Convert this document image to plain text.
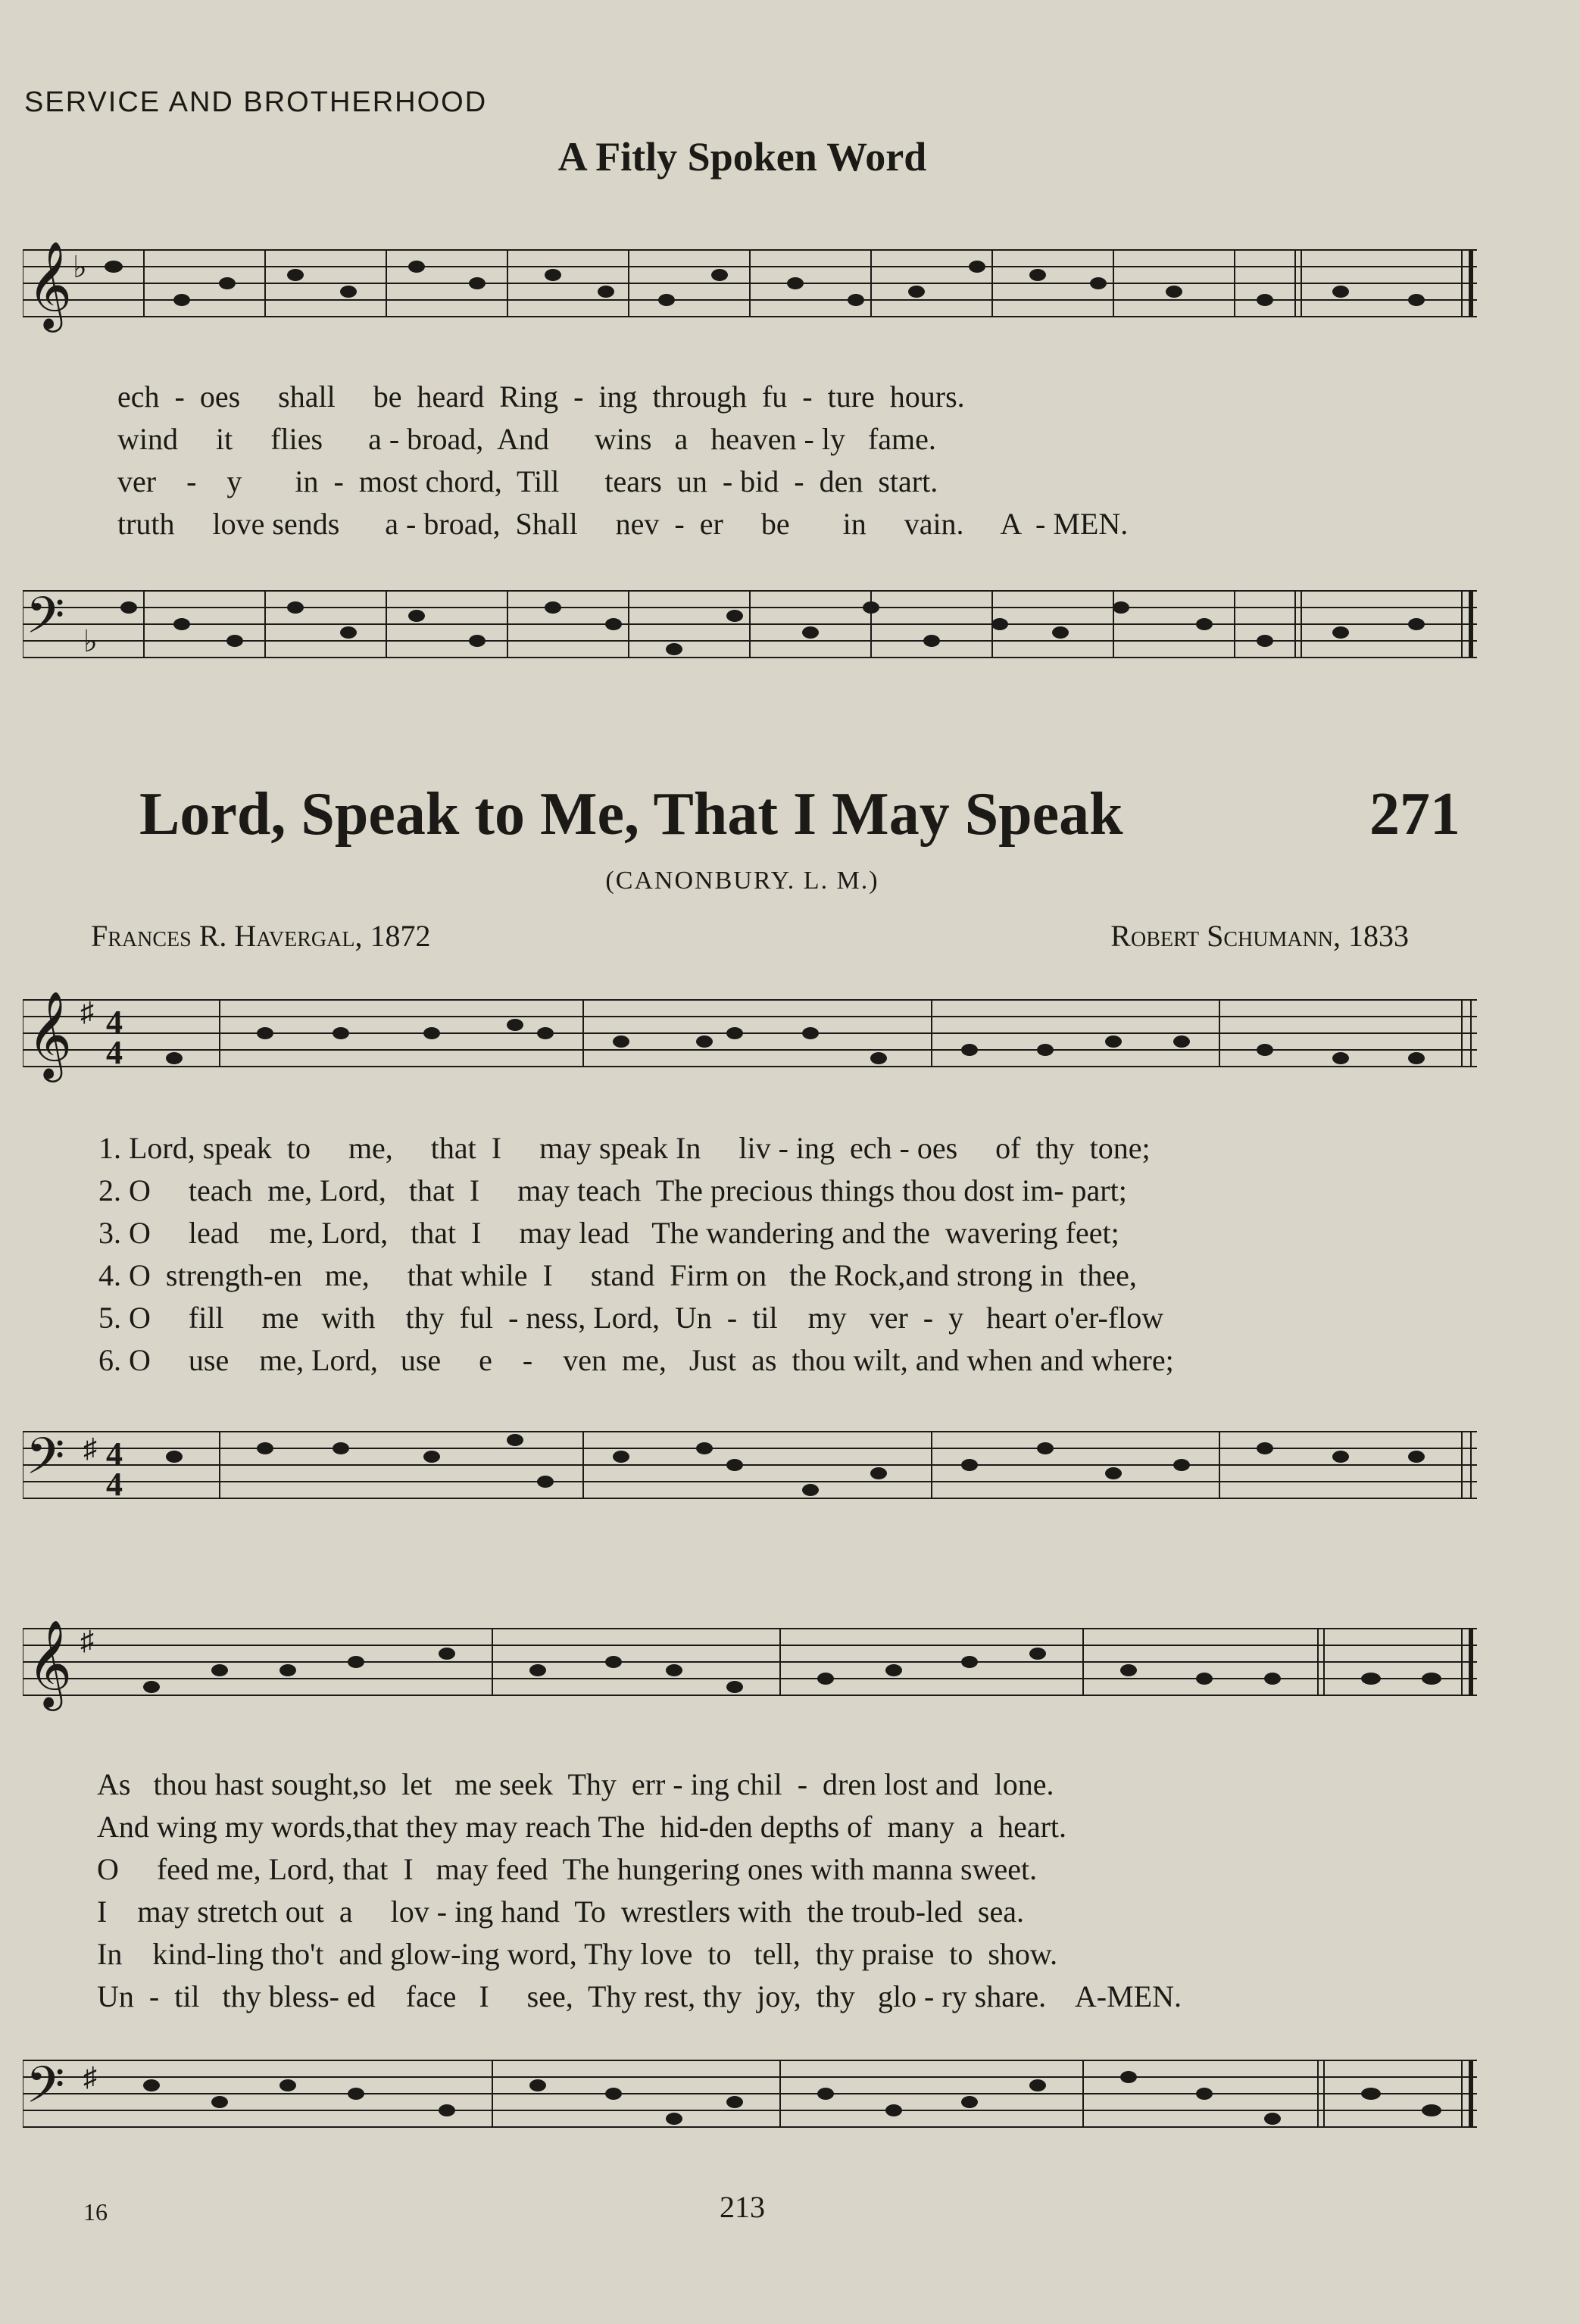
SERVICE AND BROTHERHOOD
A Fitly Spoken Word
𝄞 ♭
ech  -  oes     shall     be  heard  Ring  -  ing  through  fu  -  ture  hours.
wind     it     flies      a - broad,  And      wins   a   heaven - ly   fame.
ver    -    y       in  -  most chord,  Till      tears  un  - bid  -  den  start.
truth     love sends      a - broad,  Shall     nev  -  er     be       in     vain.     A  - MEN.
𝄢 ♭
Lord, Speak to Me, That I May Speak	271
(CANONBURY. L. M.)
Frances R. Havergal, 1872	Robert Schumann, 1833
𝄞 ♯ 4
4
1. Lord, speak  to     me,     that  I     may speak In     liv - ing  ech - oes     of  thy  tone;
2. O     teach  me, Lord,   that  I     may teach  The precious things thou dost im- part;
3. O     lead    me, Lord,   that  I     may lead   The wandering and the  wavering feet;
4. O  strength-en   me,     that while  I     stand  Firm on   the Rock,and strong in  thee,
5. O     fill     me   with    thy  ful  - ness, Lord,  Un  -  til    my   ver  -  y   heart o'er-flow
6. O     use    me, Lord,   use     e    -    ven  me,   Just  as  thou wilt, and when and where;
𝄢 ♯ 4
4
𝄞 ♯
As   thou hast sought,so  let   me seek  Thy  err - ing chil  -  dren lost and  lone.
And wing my words,that they may reach The  hid-den depths of  many  a  heart.
O     feed me, Lord, that  I   may feed  The hungering ones with manna sweet.
I    may stretch out  a     lov - ing hand  To  wrestlers with  the troub-led  sea.
In    kind-ling tho't  and glow-ing word, Thy love  to   tell,  thy praise  to  show.
Un  -  til   thy bless- ed    face   I     see,  Thy rest, thy  joy,  thy   glo - ry share.    A-MEN.
𝄢 ♯
16	213
